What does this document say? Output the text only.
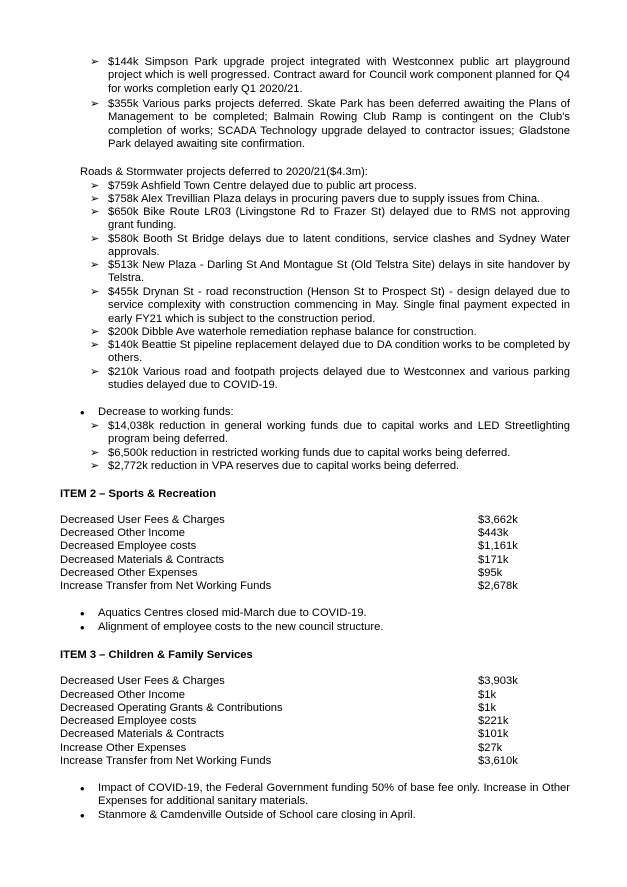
➢ $144k Simpson Park upgrade project integrated with Westconnex public art playground project which is well progressed. Contract award for Council work component planned for Q4 for works completion early Q1 2020/21.
➢ $355k Various parks projects deferred. Skate Park has been deferred awaiting the Plans of Management to be completed; Balmain Rowing Club Ramp is contingent on the Club's completion of works; SCADA Technology upgrade delayed to contractor issues; Gladstone Park delayed awaiting site confirmation.
Roads & Stormwater projects deferred to 2020/21($4.3m):
➢ $759k Ashfield Town Centre delayed due to public art process.
➢ $758k Alex Trevillian Plaza delays in procuring pavers due to supply issues from China.
➢ $650k Bike Route LR03 (Livingstone Rd to Frazer St) delayed due to RMS not approving grant funding.
➢ $580k Booth St Bridge delays due to latent conditions, service clashes and Sydney Water approvals.
➢ $513k New Plaza - Darling St And Montague St (Old Telstra Site) delays in site handover by Telstra.
➢ $455k Drynan St - road reconstruction (Henson St to Prospect St) - design delayed due to service complexity with construction commencing in May. Single final payment expected in early FY21 which is subject to the construction period.
➢ $200k Dibble Ave waterhole remediation rephase balance for construction.
➢ $140k Beattie St pipeline replacement delayed due to DA condition works to be completed by others.
➢ $210k Various road and footpath projects delayed due to Westconnex and various parking studies delayed due to COVID-19.
•	Decrease to working funds:
➢ $14,038k reduction in general working funds due to capital works and LED Streetlighting program being deferred.
➢ $6,500k reduction in restricted working funds due to capital works being deferred.
➢ $2,772k reduction in VPA reserves due to capital works being deferred.
ITEM 2 – Sports & Recreation
Decreased User Fees & Charges	$3,662k
Decreased Other Income	$443k
Decreased Employee costs	$1,161k
Decreased Materials & Contracts	$171k
Decreased Other Expenses	$95k
Increase Transfer from Net Working Funds	$2,678k
•	Aquatics Centres closed mid-March due to COVID-19.
•	Alignment of employee costs to the new council structure.
ITEM 3 – Children & Family Services
Decreased User Fees & Charges	$3,903k
Decreased Other Income	$1k
Decreased Operating Grants & Contributions	$1k
Decreased Employee costs	$221k
Decreased Materials & Contracts	$101k
Increase Other Expenses	$27k
Increase Transfer from Net Working Funds	$3,610k
•	Impact of COVID-19, the Federal Government funding 50% of base fee only. Increase in Other Expenses for additional sanitary materials.
•	Stanmore & Camdenville Outside of School care closing in April.
